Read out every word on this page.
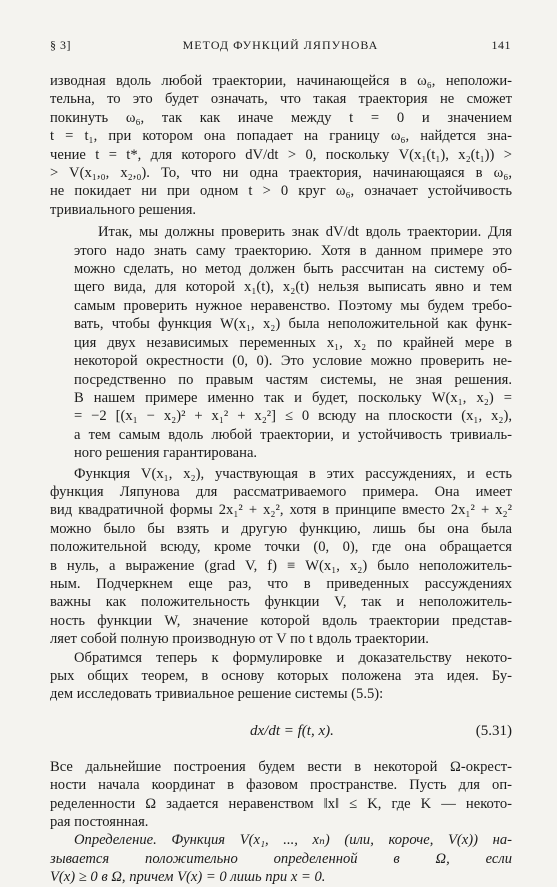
§ 3]	МЕТОД ФУНКЦИЙ ЛЯПУНОВА	141

изводная вдоль любой траектории, начинающейся в ω₆, неположи-
тельна, то это будет означать, что такая траектория не сможет
покинуть ω₆, так как иначе между t = 0 и значением
t = t₁, при котором она попадает на границу ω₆, найдется зна-
чение t = t*, для которого dV/dt > 0, поскольку V(x₁(t₁), x₂(t₁)) >
> V(x₁,₀, x₂,₀). То, что ни одна траектория, начинающаяся в ω₆,
не покидает ни при одном t > 0 круг ω₆, означает устойчивость
тривиального решения.

Итак, мы должны проверить знак dV/dt вдоль траектории. Для
этого надо знать саму траекторию. Хотя в данном примере это
можно сделать, но метод должен быть рассчитан на систему об-
щего вида, для которой x₁(t), x₂(t) нельзя выписать явно и тем
самым проверить нужное неравенство. Поэтому мы будем требо-
вать, чтобы функция W(x₁, x₂) была неположительной как функ-
ция двух независимых переменных x₁, x₂ по крайней мере в
некоторой окрестности (0, 0). Это условие можно проверить не-
посредственно по правым частям системы, не зная решения.
В нашем примере именно так и будет, поскольку W(x₁, x₂) =
= −2 [(x₁ − x₂)² + x₁² + x₂²] ≤ 0 всюду на плоскости (x₁, x₂),
а тем самым вдоль любой траектории, и устойчивость тривиаль-
ного решения гарантирована.

Функция V(x₁, x₂), участвующая в этих рассуждениях, и есть
функция Ляпунова для рассматриваемого примера. Она имеет
вид квадратичной формы 2x₁² + x₂², хотя в принципе вместо 2x₁² + x₂²
можно было бы взять и другую функцию, лишь бы она была
положительной всюду, кроме точки (0, 0), где она обращается
в нуль, а выражение (grad V, f) ≡ W(x₁, x₂) было неположитель-
ным. Подчеркнем еще раз, что в приведенных рассуждениях
важны как положительность функции V, так и неположитель-
ность функции W, значение которой вдоль траектории представ-
ляет собой полную производную от V по t вдоль траектории.

Обратимся теперь к формулировке и доказательству некото-
рых общих теорем, в основу которых положена эта идея. Бу-
дем исследовать тривиальное решение системы (5.5):

dx/dt = f(t, x).	(5.31)

Все дальнейшие построения будем вести в некоторой Ω-окрест-
ности начала координат в фазовом пространстве. Пусть для оп-
ределенности Ω задается неравенством ‖x‖ ≤ K, где K — некото-
рая постоянная.

Определение. Функция V(x₁, ..., xₙ) (или, короче, V(x)) на-
зывается положительно определенной в Ω, если
V(x) ≥ 0 в Ω, причем V(x) = 0 лишь при x = 0.
